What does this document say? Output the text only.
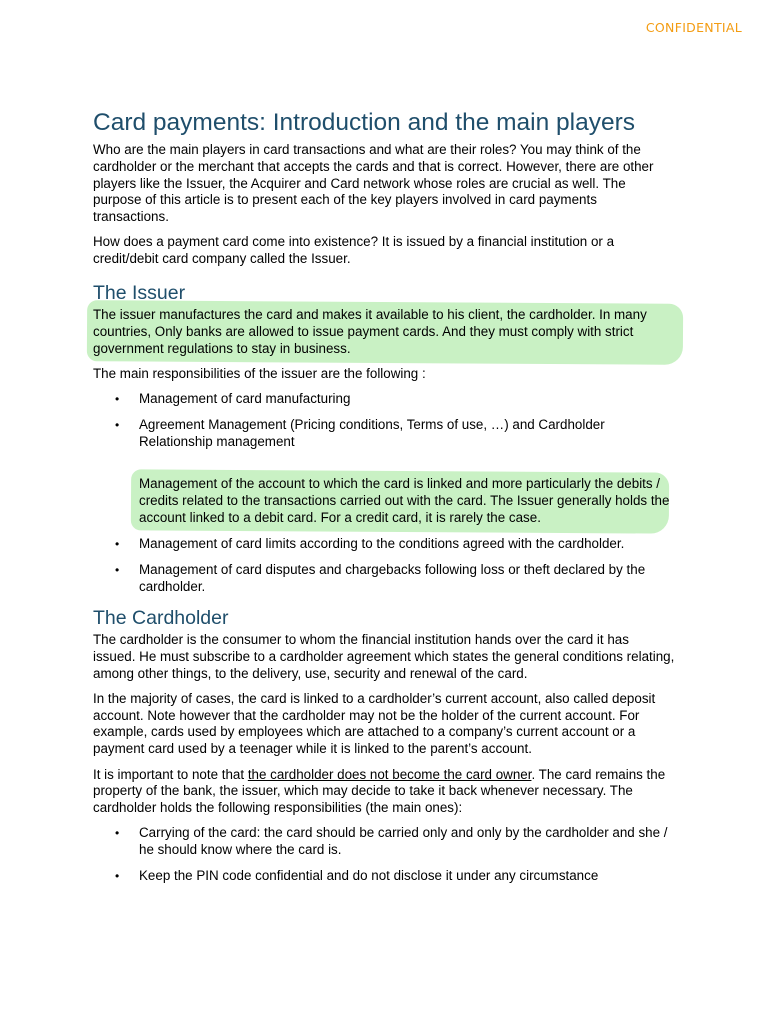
CONFIDENTIAL
Card payments: Introduction and the main players

Who are the main players in card transactions and what are their roles? You may think of the cardholder or the merchant that accepts the cards and that is correct. However, there are other players like the Issuer, the Acquirer and Card network whose roles are crucial as well. The purpose of this article is to present each of the key players involved in card payments transactions.

How does a payment card come into existence? It is issued by a financial institution or a credit/debit card company called the Issuer.

The Issuer

The issuer manufactures the card and makes it available to his client, the cardholder. In many countries, Only banks are allowed to issue payment cards. And they must comply with strict government regulations to stay in business.

The main responsibilities of the issuer are the following :

• Management of card manufacturing
• Agreement Management (Pricing conditions, Terms of use, …) and Cardholder Relationship management
Management of the account to which the card is linked and more particularly the debits / credits related to the transactions carried out with the card. The Issuer generally holds the account linked to a debit card. For a credit card, it is rarely the case.
• Management of card limits according to the conditions agreed with the cardholder.
• Management of card disputes and chargebacks following loss or theft declared by the cardholder.
The Cardholder

The cardholder is the consumer to whom the financial institution hands over the card it has issued. He must subscribe to a cardholder agreement which states the general conditions relating, among other things, to the delivery, use, security and renewal of the card.

In the majority of cases, the card is linked to a cardholder’s current account, also called deposit account. Note however that the cardholder may not be the holder of the current account. For example, cards used by employees which are attached to a company’s current account or a payment card used by a teenager while it is linked to the parent’s account.

It is important to note that the cardholder does not become the card owner. The card remains the property of the bank, the issuer, which may decide to take it back whenever necessary. The cardholder holds the following responsibilities (the main ones):

• Carrying of the card: the card should be carried only and only by the cardholder and she / he should know where the card is.
• Keep the PIN code confidential and do not disclose it under any circumstance
